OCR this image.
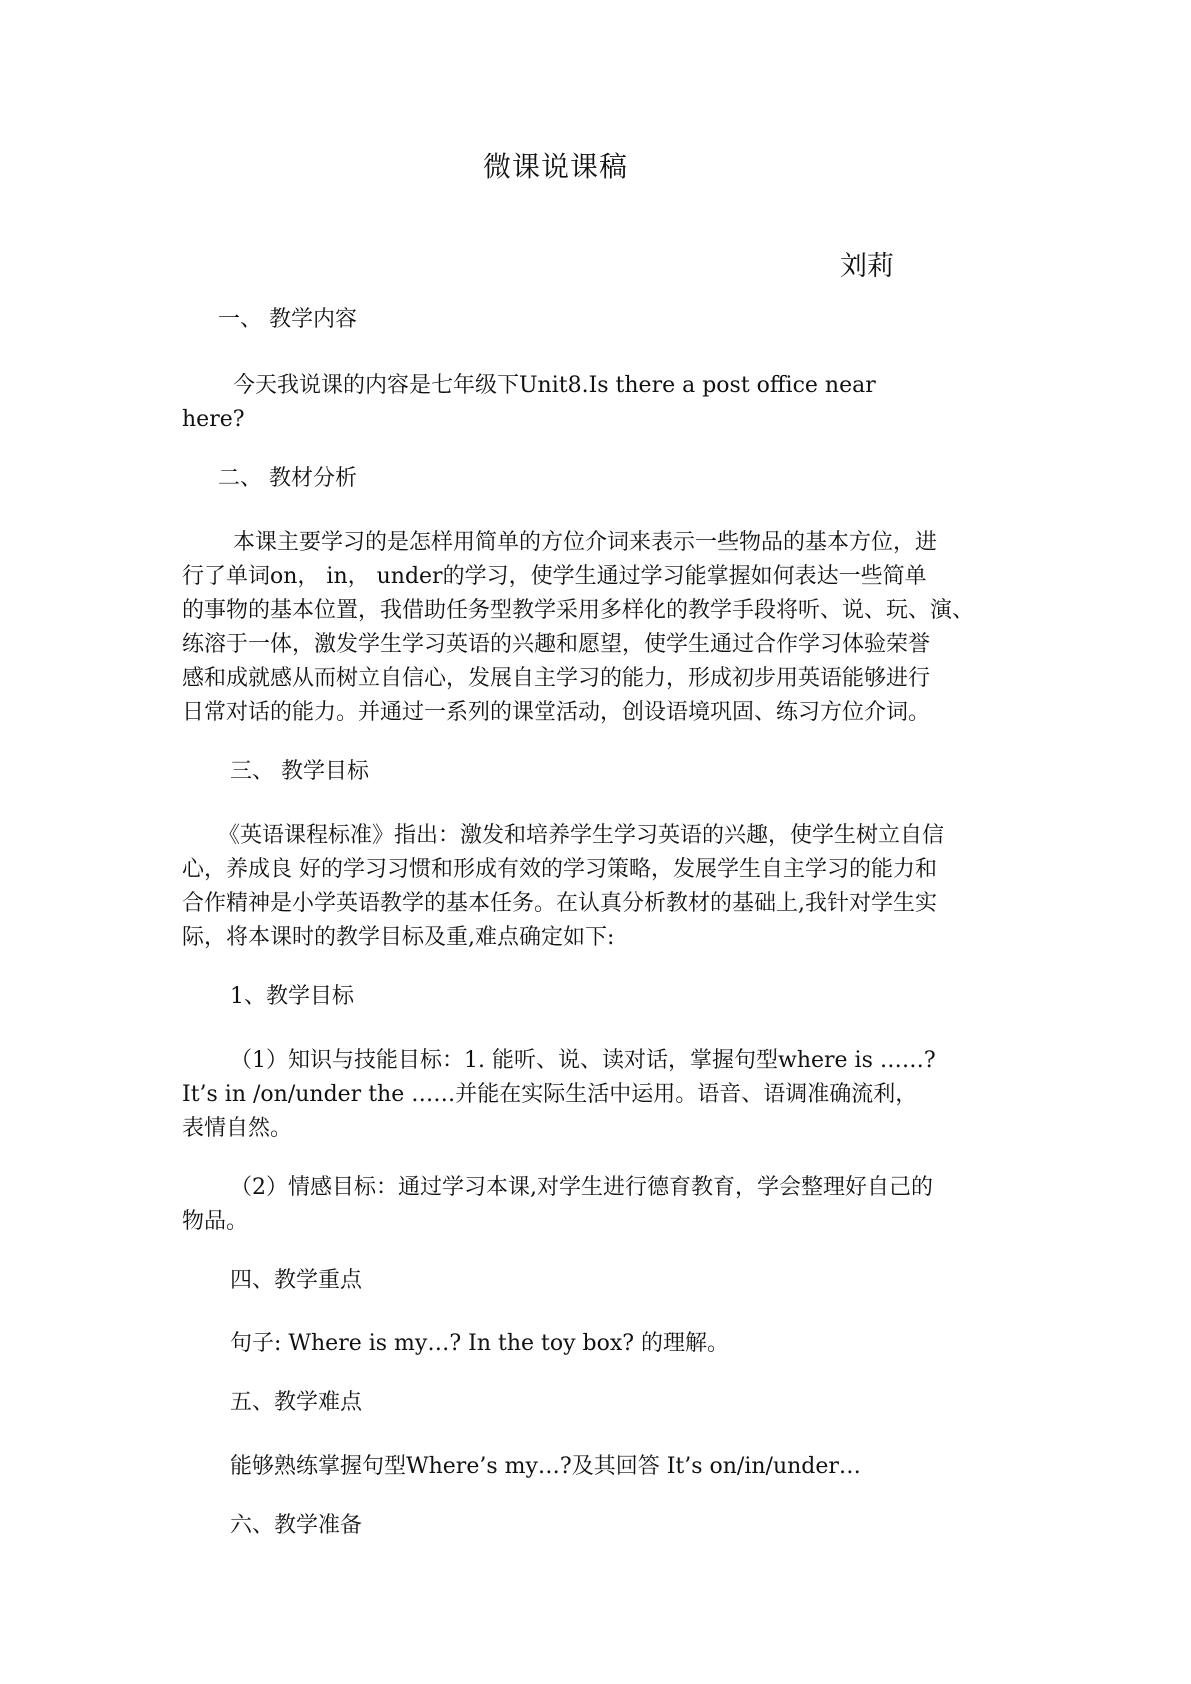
微课说课稿
刘莉
一、 教学内容
今天我说课的内容是七年级下Unit8.Is there a post office near
here?
二、 教材分析
本课主要学习的是怎样用简单的方位介词来表示一些物品的基本方位，进
行了单词on， in， under的学习，使学生通过学习能掌握如何表达一些简单
的事物的基本位置，我借助任务型教学采用多样化的教学手段将听、说、玩、演、
练溶于一体，激发学生学习英语的兴趣和愿望，使学生通过合作学习体验荣誉
感和成就感从而树立自信心，发展自主学习的能力，形成初步用英语能够进行
日常对话的能力。并通过一系列的课堂活动，创设语境巩固、练习方位介词。
三、 教学目标
《英语课程标准》指出：激发和培养学生学习英语的兴趣，使学生树立自信
心，养成良 好的学习习惯和形成有效的学习策略，发展学生自主学习的能力和
合作精神是小学英语教学的基本任务。在认真分析教材的基础上,我针对学生实
际，将本课时的教学目标及重,难点确定如下:
1、教学目标
（1）知识与技能目标：1. 能听、说、读对话，掌握句型where is ……?
It’s in /on/under the ……并能在实际生活中运用。语音、语调准确流利，
表情自然。
（2）情感目标：通过学习本课,对学生进行德育教育，学会整理好自己的
物品。
四、教学重点
句子: Where is my…? In the toy box? 的理解。
五、教学难点
能够熟练掌握句型Where’s my…?及其回答 It’s on/in/under…
六、教学准备
